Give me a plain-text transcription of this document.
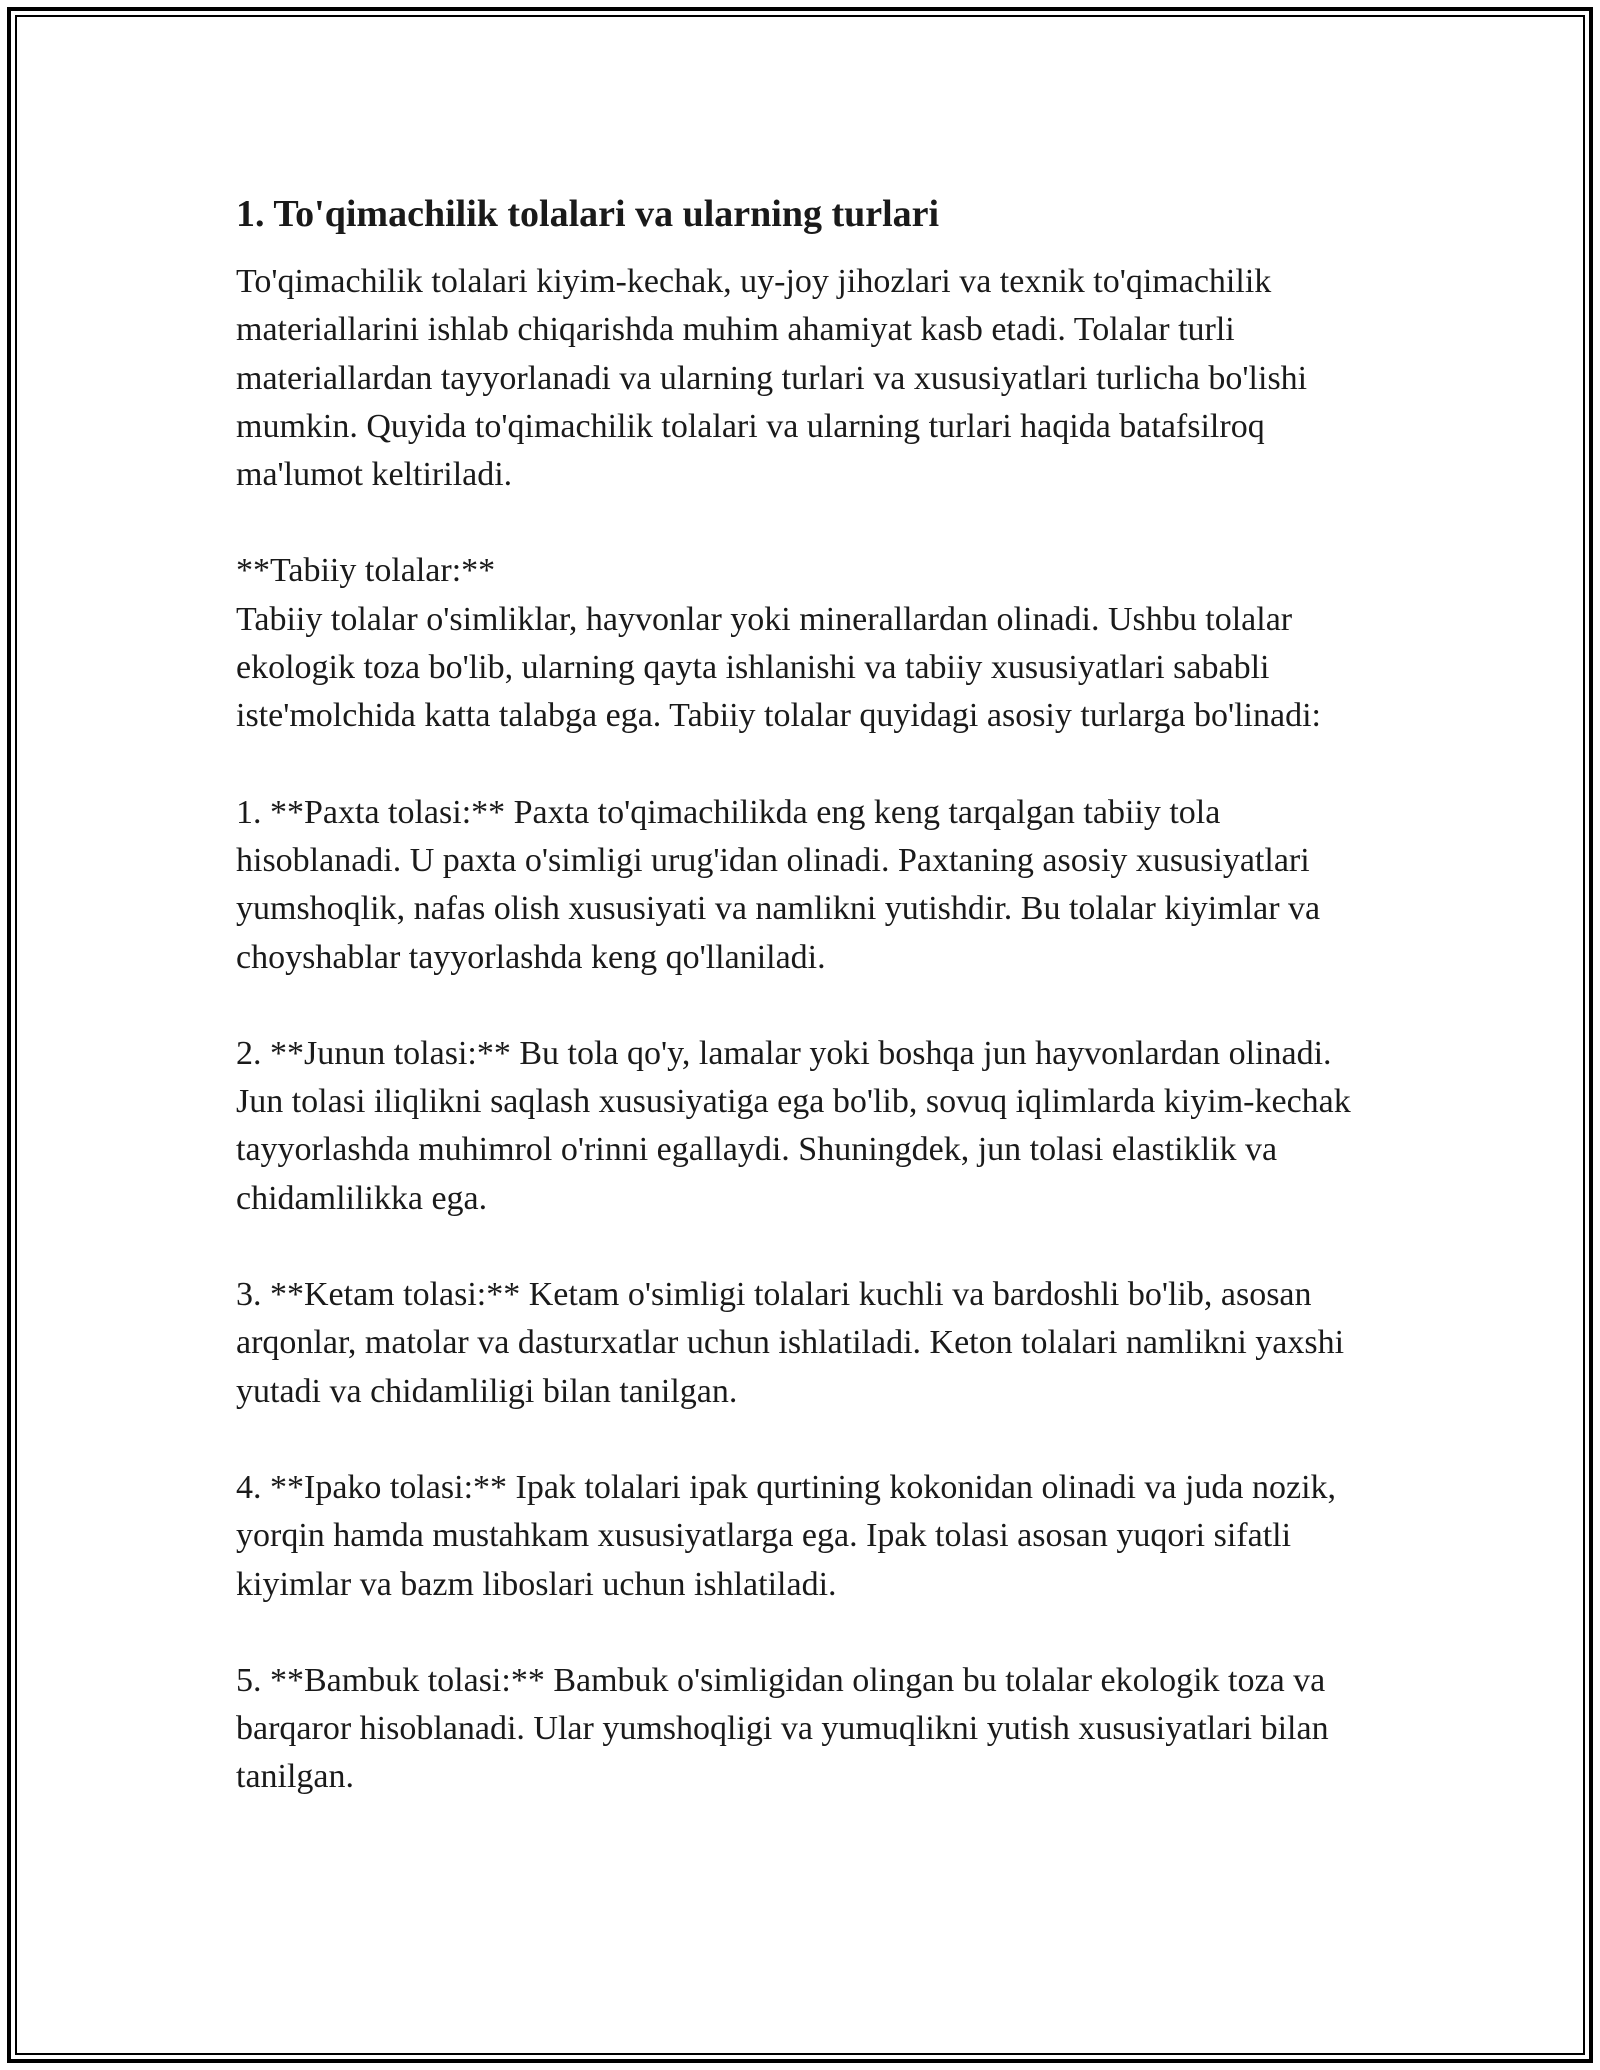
1. To'qimachilik tolalari va ularning turlari

To'qimachilik tolalari kiyim-kechak, uy-joy jihozlari va texnik to'qimachilik materiallarini ishlab chiqarishda muhim ahamiyat kasb etadi. Tolalar turli materiallardan tayyorlanadi va ularning turlari va xususiyatlari turlicha bo'lishi mumkin. Quyida to'qimachilik tolalari va ularning turlari haqida batafsilroq ma'lumot keltiriladi.

**Tabiiy tolalar:**
Tabiiy tolalar o'simliklar, hayvonlar yoki minerallardan olinadi. Ushbu tolalar ekologik toza bo'lib, ularning qayta ishlanishi va tabiiy xususiyatlari sababli iste'molchida katta talabga ega. Tabiiy tolalar quyidagi asosiy turlarga bo'linadi:

1. **Paxta tolasi:** Paxta to'qimachilikda eng keng tarqalgan tabiiy tola hisoblanadi. U paxta o'simligi urug'idan olinadi. Paxtaning asosiy xususiyatlari yumshoqlik, nafas olish xususiyati va namlikni yutishdir. Bu tolalar kiyimlar va choyshablar tayyorlashda keng qo'llaniladi.

2. **Junun tolasi:** Bu tola qo'y, lamalar yoki boshqa jun hayvonlardan olinadi. Jun tolasi iliqlikni saqlash xususiyatiga ega bo'lib, sovuq iqlimlarda kiyim-kechak tayyorlashda muhimrol o'rinni egallaydi. Shuningdek, jun tolasi elastiklik va chidamlilikka ega.

3. **Ketam tolasi:** Ketam o'simligi tolalari kuchli va bardoshli bo'lib, asosan arqonlar, matolar va dasturxatlar uchun ishlatiladi. Keton tolalari namlikni yaxshi yutadi va chidamliligi bilan tanilgan.

4. **Ipako tolasi:** Ipak tolalari ipak qurtining kokonidan olinadi va juda nozik, yorqin hamda mustahkam xususiyatlarga ega. Ipak tolasi asosan yuqori sifatli kiyimlar va bazm liboslari uchun ishlatiladi.

5. **Bambuk tolasi:** Bambuk o'simligidan olingan bu tolalar ekologik toza va barqaror hisoblanadi. Ular yumshoqligi va yumuqlikni yutish xususiyatlari bilan tanilgan.
